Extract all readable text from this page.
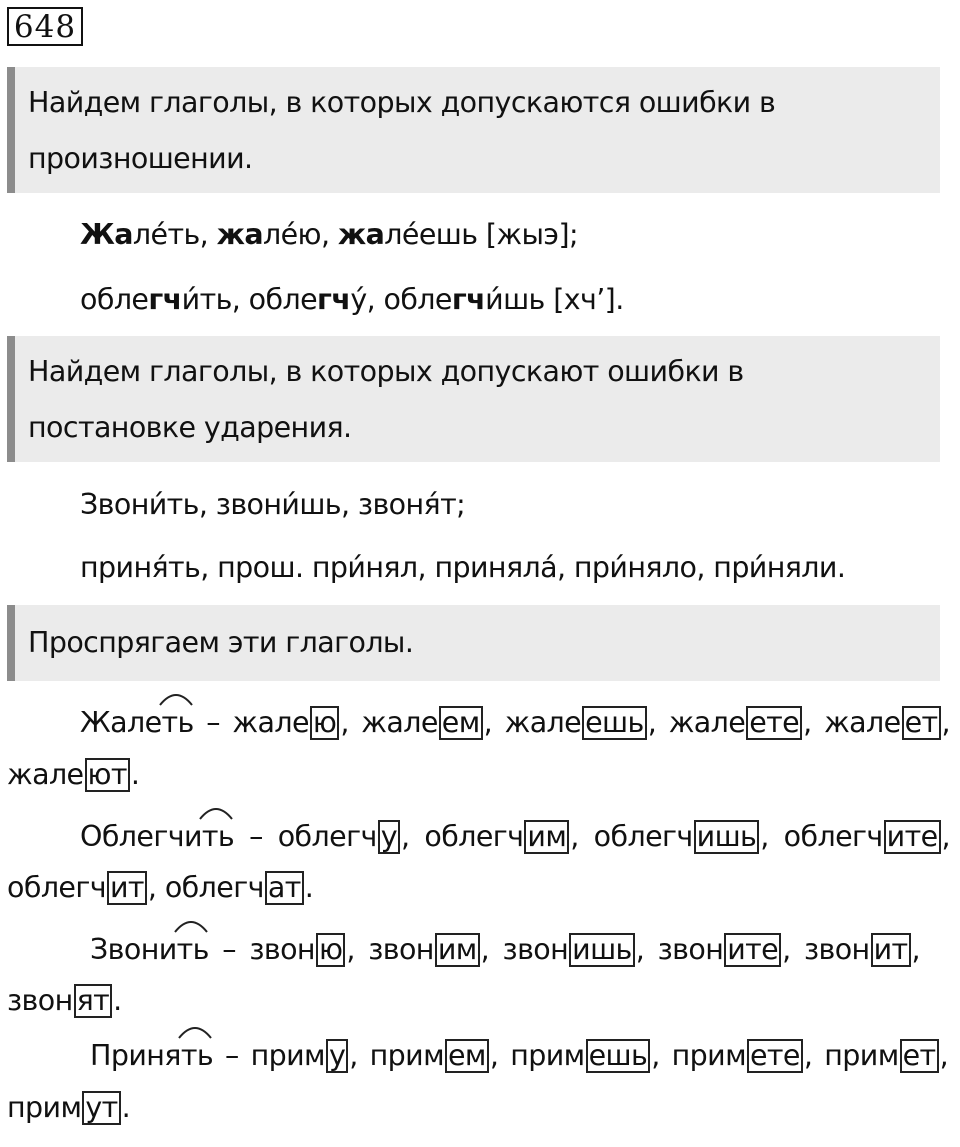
648
Найдем глаголы, в которых допускаются ошибки в
произношении.
Жале́ть, жале́ю, жале́ешь [жыэ];
облегчи́ть, облегчу́, облегчи́шь [хч’].
Найдем глаголы, в которых допускают ошибки в
постановке ударения.
Звони́ть, звони́шь, звоня́т;
приня́ть, прош. при́нял, приняла́, при́няло, при́няли.
Проспрягаем эти глаголы.
Жале
ть – жале ю , жале ем , жале ешь , жале ете , жале ет ,
жале ют .
Облегчи
ть – облегч у , облегч им , облегч ишь , облегч ите ,
облегч ит , облегч ат .
Звони
ть – звон ю , звон им , звон ишь , звон ите , звон ит ,
звон ят .
Приня
ть – прим у , прим ем , прим ешь , прим ете , прим ет ,
прим ут .
